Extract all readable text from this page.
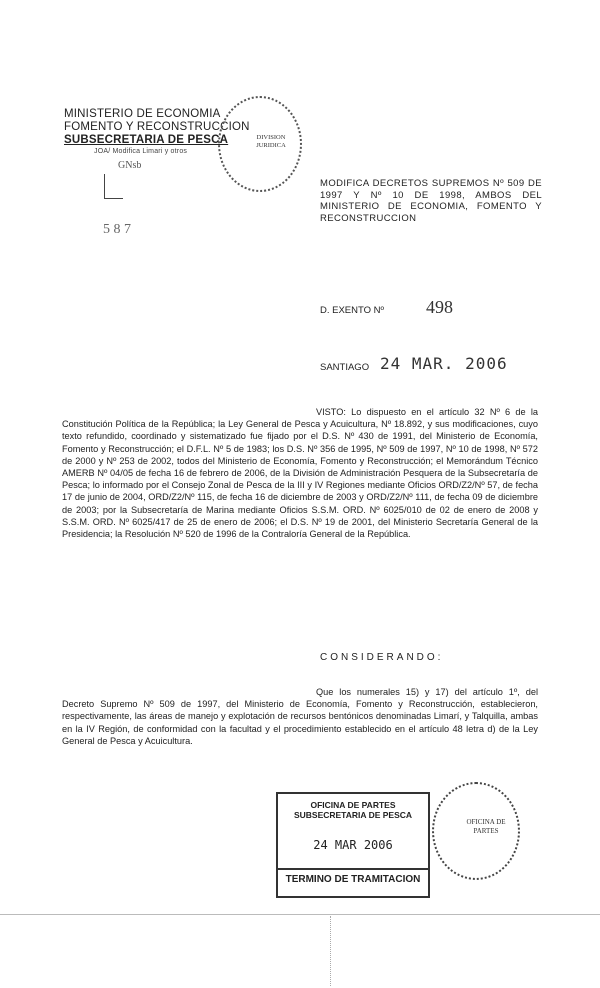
MINISTERIO DE ECONOMIA
FOMENTO Y RECONSTRUCCION
SUBSECRETARIA DE PESCA
JOA/ Modifica Limari y otros
DIVISION JURIDICA
GNsb
5 8 7
MODIFICA DECRETOS SUPREMOS Nº 509 DE 1997 Y Nº 10 DE 1998, AMBOS DEL MINISTERIO DE ECONOMIA, FOMENTO Y RECONSTRUCCION
D. EXENTO Nº 498
SANTIAGO 24 MAR. 2006
VISTO: Lo dispuesto en el artículo 32 Nº 6 de la Constitución Política de la República; la Ley General de Pesca y Acuicultura, Nº 18.892, y sus modificaciones, cuyo texto refundido, coordinado y sistematizado fue fijado por el D.S. Nº 430 de 1991, del Ministerio de Economía, Fomento y Reconstrucción; el D.F.L. Nº 5 de 1983; los D.S. Nº 356 de 1995, Nº 509 de 1997, Nº 10 de 1998, Nº 572 de 2000 y Nº 253 de 2002, todos del Ministerio de Economía, Fomento y Reconstrucción; el Memorándum Técnico AMERB Nº 04/05 de fecha 16 de febrero de 2006, de la División de Administración Pesquera de la Subsecretaría de Pesca; lo informado por el Consejo Zonal de Pesca de la III y IV Regiones mediante Oficios ORD/Z2/Nº 57, de fecha 17 de junio de 2004, ORD/Z2/Nº 115, de fecha 16 de diciembre de 2003 y ORD/Z2/Nº 111, de fecha 09 de diciembre de 2003; por la Subsecretaría de Marina mediante Oficios S.S.M. ORD. Nº 6025/010 de 02 de enero de 2008 y S.S.M. ORD. Nº 6025/417 de 25 de enero de 2006; el D.S. Nº 19 de 2001, del Ministerio Secretaría General de la Presidencia; la Resolución Nº 520 de 1996 de la Contraloría General de la República.
CONSIDERANDO:
Que los numerales 15) y 17) del artículo 1º, del Decreto Supremo Nº 509 de 1997, del Ministerio de Economía, Fomento y Reconstrucción, establecieron, respectivamente, las áreas de manejo y explotación de recursos bentónicos denominadas Limarí, y Talquilla, ambas en la IV Región, de conformidad con la facultad y el procedimiento establecido en el artículo 48 letra d) de la Ley General de Pesca y Acuicultura.
OFICINA DE PARTES
SUBSECRETARIA DE PESCA
24 MAR 2006
TERMINO DE TRAMITACION
OFICINA DE PARTES
